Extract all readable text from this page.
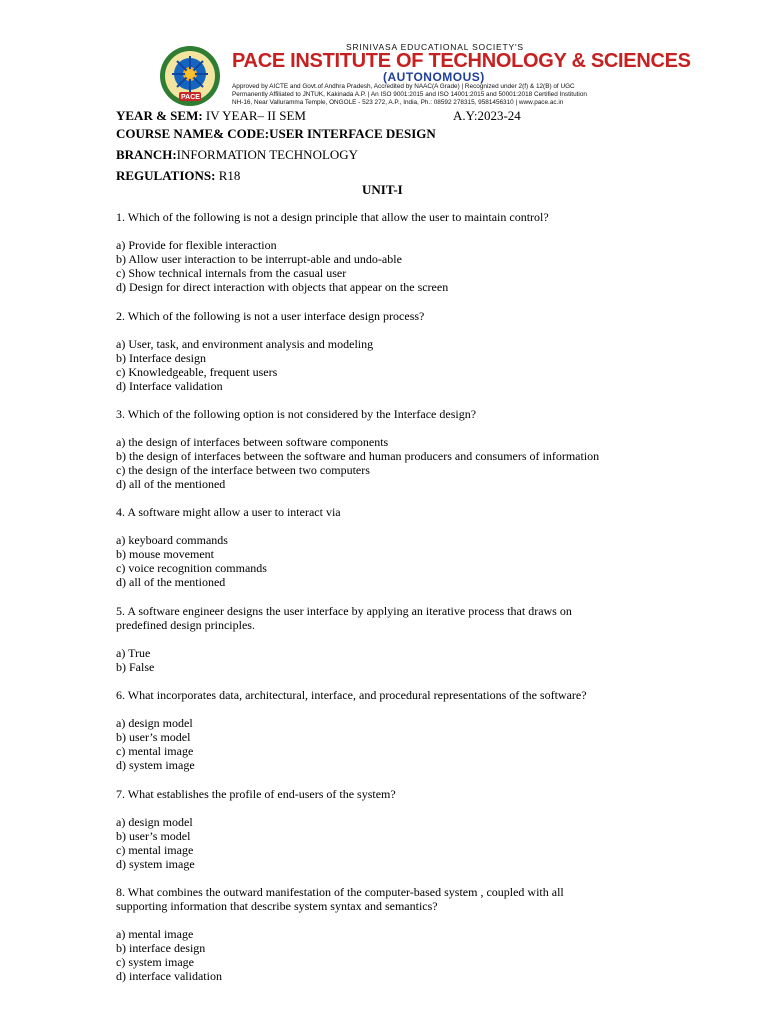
PACE
SRINIVASA EDUCATIONAL SOCIETY'S
PACE INSTITUTE OF TECHNOLOGY & SCIENCES
(AUTONOMOUS)
Approved by AICTE and Govt.of Andhra Pradesh, Accredited by NAAC(A Grade) | Recognized under 2(f) & 12(B) of UGC
Permanently Affiliated to JNTUK, Kakinada A.P. | An ISO 9001:2015 and ISO 14001:2015 and 50001:2018 Certified Institution
NH-16, Near Valluramma Temple, ONGOLE - 523 272, A.P., India, Ph.: 08592 278315, 9581456310 | www.pace.ac.in
YEAR & SEM: IV YEAR– II SEM	A.Y:2023-24
COURSE NAME& CODE:USER INTERFACE DESIGN
BRANCH:INFORMATION TECHNOLOGY
REGULATIONS: R18
UNIT-I
1. Which of the following is not a design principle that allow the user to maintain control?
a) Provide for flexible interaction
b) Allow user interaction to be interrupt-able and undo-able
c) Show technical internals from the casual user
d) Design for direct interaction with objects that appear on the screen
2. Which of the following is not a user interface design process?
a) User, task, and environment analysis and modeling
b) Interface design
c) Knowledgeable, frequent users
d) Interface validation
3. Which of the following option is not considered by the Interface design?
a) the design of interfaces between software components
b) the design of interfaces between the software and human producers and consumers of information
c) the design of the interface between two computers
d) all of the mentioned
4. A software might allow a user to interact via
a) keyboard commands
b) mouse movement
c) voice recognition commands
d) all of the mentioned
5. A software engineer designs the user interface by applying an iterative process that draws on
predefined design principles.
a) True
b) False
6. What incorporates data, architectural, interface, and procedural representations of the software?
a) design model
b) user’s model
c) mental image
d) system image
7. What establishes the profile of end-users of the system?
a) design model
b) user’s model
c) mental image
d) system image
8. What combines the outward manifestation of the computer-based system , coupled with all
supporting information that describe system syntax and semantics?
a) mental image
b) interface design
c) system image
d) interface validation
